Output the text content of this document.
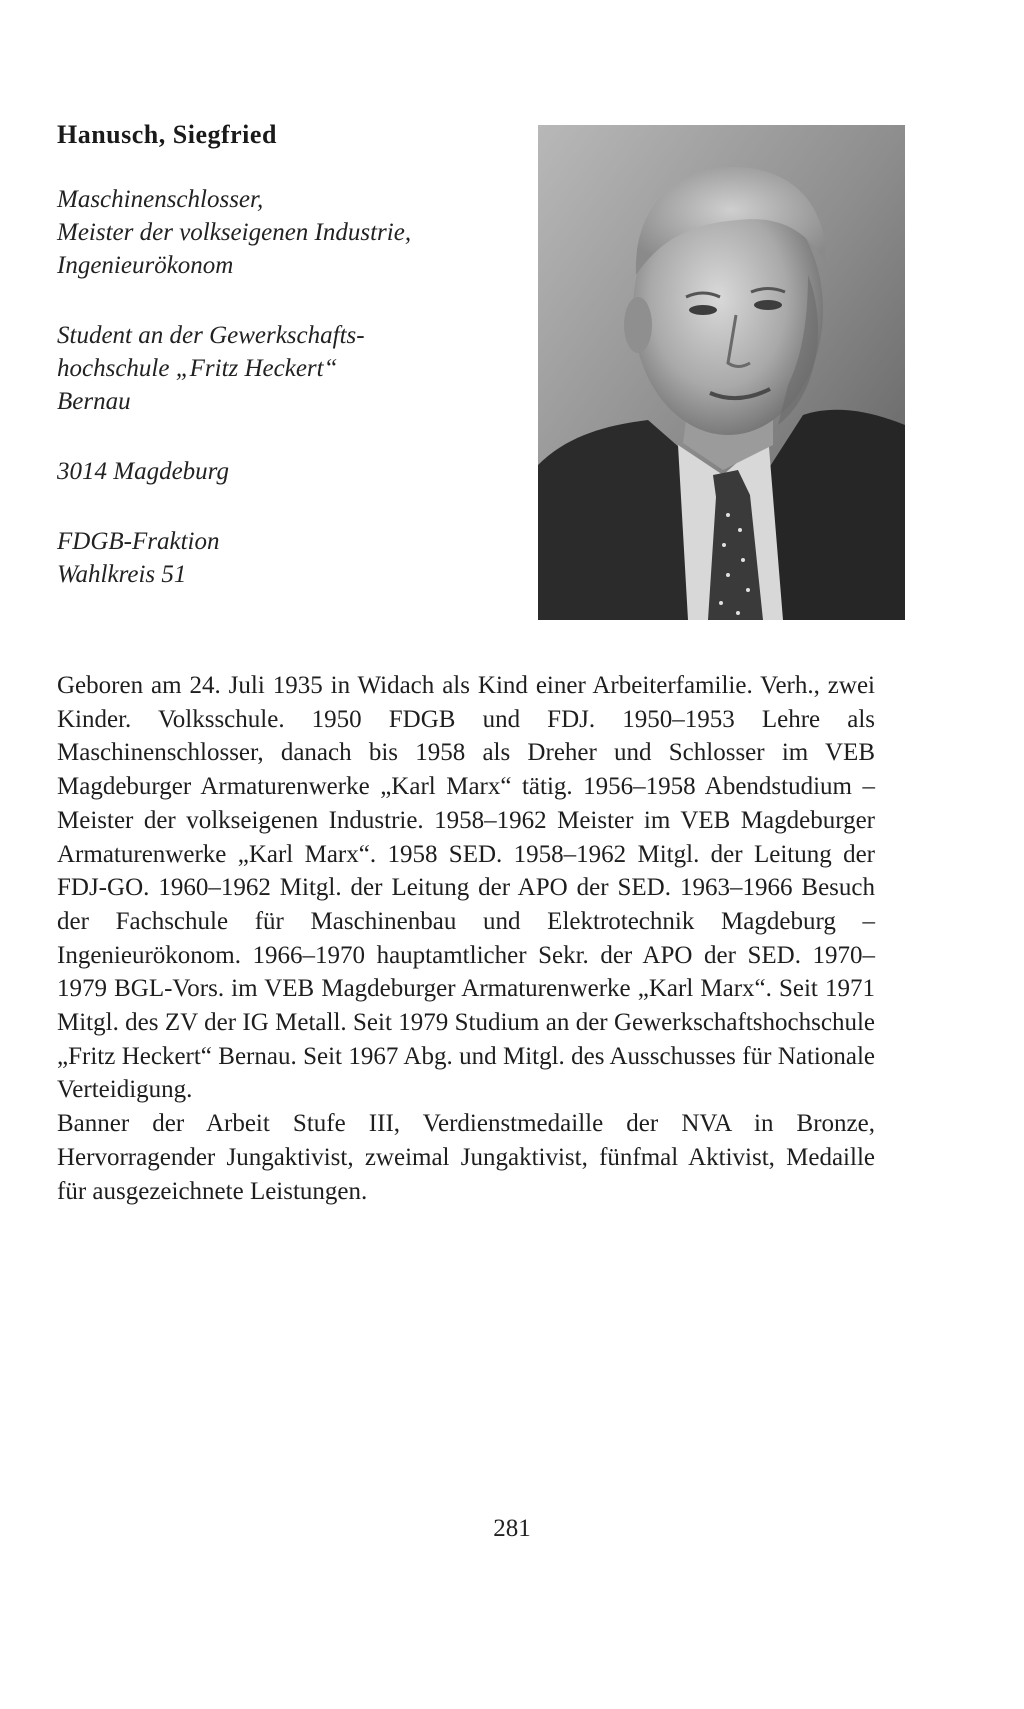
Hanusch, Siegfried
Maschinenschlosser,
Meister der volkseigenen Industrie,
Ingenieurökonom
Student an der Gewerkschafts-
hochschule „Fritz Heckert“
Bernau
3014 Magdeburg
FDGB-Fraktion
Wahlkreis 51

Geboren am 24. Juli 1935 in Widach als Kind einer Arbeiterfamilie. Verh., zwei Kinder. Volksschule. 1950 FDGB und FDJ. 1950–1953 Lehre als Maschinenschlosser, danach bis 1958 als Dreher und Schlosser im VEB Magdeburger Armaturenwerke „Karl Marx“ tätig. 1956–1958 Abendstudium – Meister der volkseigenen Industrie. 1958–1962 Meister im VEB Magdeburger Armaturenwerke „Karl Marx“. 1958 SED. 1958–1962 Mitgl. der Leitung der FDJ-GO. 1960–1962 Mitgl. der Leitung der APO der SED. 1963–1966 Besuch der Fachschule für Maschinenbau und Elektrotechnik Magdeburg – Ingenieurökonom. 1966–1970 hauptamtlicher Sekr. der APO der SED. 1970–1979 BGL-Vors. im VEB Magdeburger Armaturenwerke „Karl Marx“. Seit 1971 Mitgl. des ZV der IG Metall. Seit 1979 Studium an der Gewerkschaftshochschule „Fritz Heckert“ Bernau. Seit 1967 Abg. und Mitgl. des Ausschusses für Nationale Verteidigung.

Banner der Arbeit Stufe III, Verdienstmedaille der NVA in Bronze, Hervorragender Jungaktivist, zweimal Jungaktivist, fünfmal Aktivist, Medaille für ausgezeichnete Leistungen.

281
